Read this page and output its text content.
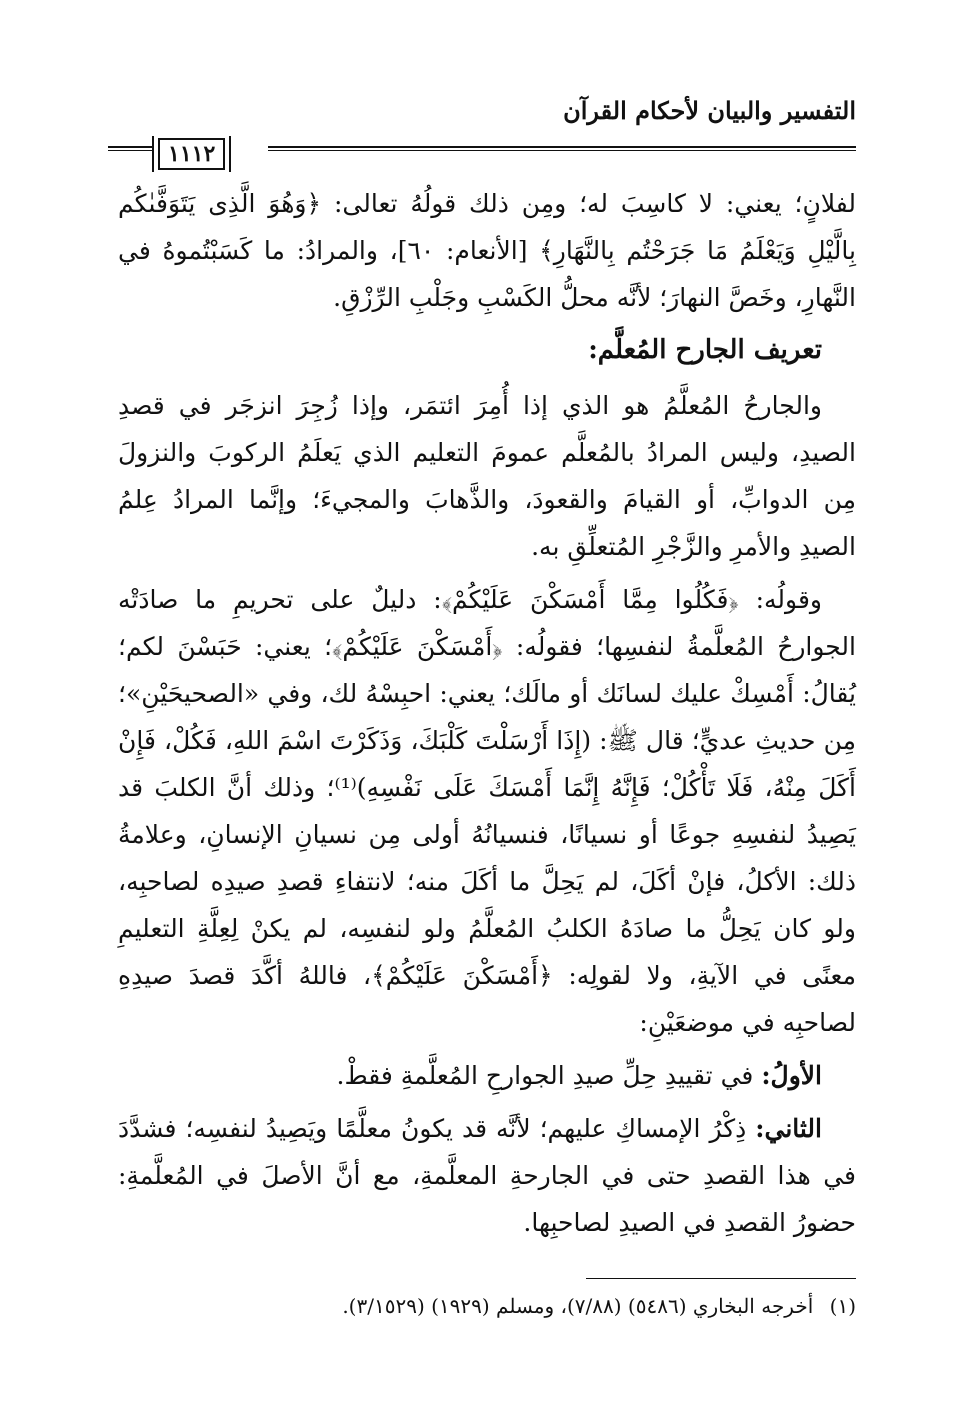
التفسير والبيان لأحكام القرآن
١١١٢

لفلانٍ؛ يعني: لا كاسِبَ له؛ ومِن ذلك قولُهُ تعالى: ﴿وَهُوَ الَّذِى يَتَوَفَّىٰكُم بِالَّيْلِ وَيَعْلَمُ مَا جَرَحْتُم بِالنَّهَارِ﴾ [الأنعام: ٦٠]، والمرادُ: ما كَسَبْتُموهُ في النَّهارِ، وخَصَّ النهارَ؛ لأنَّه محلُّ الكَسْبِ وجَلْبِ الرِّزْقِ.

تعريف الجارح المُعلَّم:

والجارحُ المُعلَّمُ هو الذي إذا أُمِرَ ائتمَر، وإذا زُجِرَ انزجَر في قصدِ الصيدِ، وليس المرادُ بالمُعلَّم عمومَ التعليم الذي يَعلَمُ الركوبَ والنزولَ مِن الدوابِّ، أو القيامَ والقعودَ، والذَّهابَ والمجيءَ؛ وإنَّما المرادُ عِلمُ الصيدِ والأمرِ والزَّجْرِ المُتعلِّقِ به.

وقولُه: ﴿فَكُلُوا مِمَّا أَمْسَكْنَ عَلَيْكُمْ﴾: دليلٌ على تحريمِ ما صادَتْه الجوارحُ المُعلَّمةُ لنفسِها؛ فقولُه: ﴿أَمْسَكْنَ عَلَيْكُمْ﴾؛ يعني: حَبَسْنَ لكم؛ يُقالُ: أَمْسِكْ عليك لسانَك أو مالَك؛ يعني: احبِسْهُ لك، وفي «الصحيحَيْنِ»؛ مِن حديثِ عديٍّ؛ قال ﷺ: (إِذَا أَرْسَلْتَ كَلْبَكَ، وَذَكَرْتَ اسْمَ اللهِ، فَكُلْ، فَإِنْ أَكَلَ مِنْهُ، فَلَا تَأْكُلْ؛ فَإِنَّهُ إِنَّمَا أَمْسَكَ عَلَى نَفْسِهِ)⁽¹⁾؛ وذلك أنَّ الكلبَ قد يَصِيدُ لنفسِهِ جوعًا أو نسيانًا، فنسيانُهُ أولى مِن نسيانِ الإنسانِ، وعلامةُ ذلك: الأكلُ، فإنْ أكَلَ، لم يَحِلَّ ما أكَلَ منه؛ لانتفاءِ قصدِ صيدِه لصاحبِه، ولو كان يَحِلُّ ما صادَهُ الكلبُ المُعلَّمُ ولو لنفسِه، لم يكنْ لِعِلَّةِ التعليمِ معنًى في الآيةِ، ولا لقولِه: ﴿أَمْسَكْنَ عَلَيْكُمْ﴾، فاللهُ أكَّدَ قصدَ صيدِهِ لصاحبِه في موضعَيْنِ:

الأولُ: في تقييدِ حِلِّ صيدِ الجوارحِ المُعلَّمةِ فقطْ.

الثاني: ذِكْرُ الإمساكِ عليهم؛ لأنَّه قد يكونُ معلَّمًا ويَصِيدُ لنفسِه؛ فشدَّدَ في هذا القصدِ حتى في الجارحةِ المعلَّمةِ، مع أنَّ الأصلَ في المُعلَّمةِ: حضورُ القصدِ في الصيدِ لصاحبِها.

(١) أخرجه البخاري (٥٤٨٦) (٧/٨٨)، ومسلم (١٩٢٩) (٣/١٥٢٩).
